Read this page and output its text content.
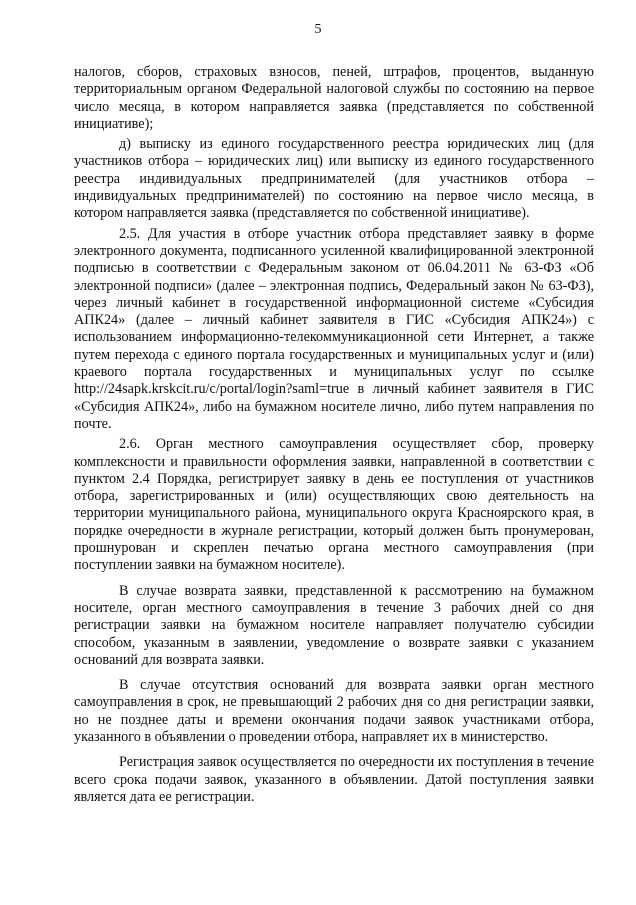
5

налогов, сборов, страховых взносов, пеней, штрафов, процентов, выданную территориальным органом Федеральной налоговой службы по состоянию на первое число месяца, в котором направляется заявка (представляется по собственной инициативе);

д) выписку из единого государственного реестра юридических лиц (для участников отбора – юридических лиц) или выписку из единого государственного реестра индивидуальных предпринимателей (для участников отбора – индивидуальных предпринимателей) по состоянию на первое число месяца, в котором направляется заявка (представляется по собственной инициативе).

2.5. Для участия в отборе участник отбора представляет заявку в форме электронного документа, подписанного усиленной квалифицированной электронной подписью в соответствии с Федеральным законом от 06.04.2011 № 63-ФЗ «Об электронной подписи» (далее – электронная подпись, Федеральный закон № 63-ФЗ), через личный кабинет в государственной информационной системе «Субсидия АПК24» (далее – личный кабинет заявителя в ГИС «Субсидия АПК24») с использованием информационно-телекоммуникационной сети Интернет, а также путем перехода с единого портала государственных и муниципальных услуг и (или) краевого портала государственных и муниципальных услуг по ссылке http://24sapk.krskcit.ru/c/portal/login?saml=true в личный кабинет заявителя в ГИС «Субсидия АПК24», либо на бумажном носителе лично, либо путем направления по почте.

2.6. Орган местного самоуправления осуществляет сбор, проверку комплексности и правильности оформления заявки, направленной в соответствии с пунктом 2.4 Порядка, регистрирует заявку в день ее поступления от участников отбора, зарегистрированных и (или) осуществляющих свою деятельность на территории муниципального района, муниципального округа Красноярского края, в порядке очередности в журнале регистрации, который должен быть пронумерован, прошнурован и скреплен печатью органа местного самоуправления (при поступлении заявки на бумажном носителе).

В случае возврата заявки, представленной к рассмотрению на бумажном носителе, орган местного самоуправления в течение 3 рабочих дней со дня регистрации заявки на бумажном носителе направляет получателю субсидии способом, указанным в заявлении, уведомление о возврате заявки с указанием оснований для возврата заявки.

В случае отсутствия оснований для возврата заявки орган местного самоуправления в срок, не превышающий 2 рабочих дня со дня регистрации заявки, но не позднее даты и времени окончания подачи заявок участниками отбора, указанного в объявлении о проведении отбора, направляет их в министерство.

Регистрация заявок осуществляется по очередности их поступления в течение всего срока подачи заявок, указанного в объявлении. Датой поступления заявки является дата ее регистрации.
